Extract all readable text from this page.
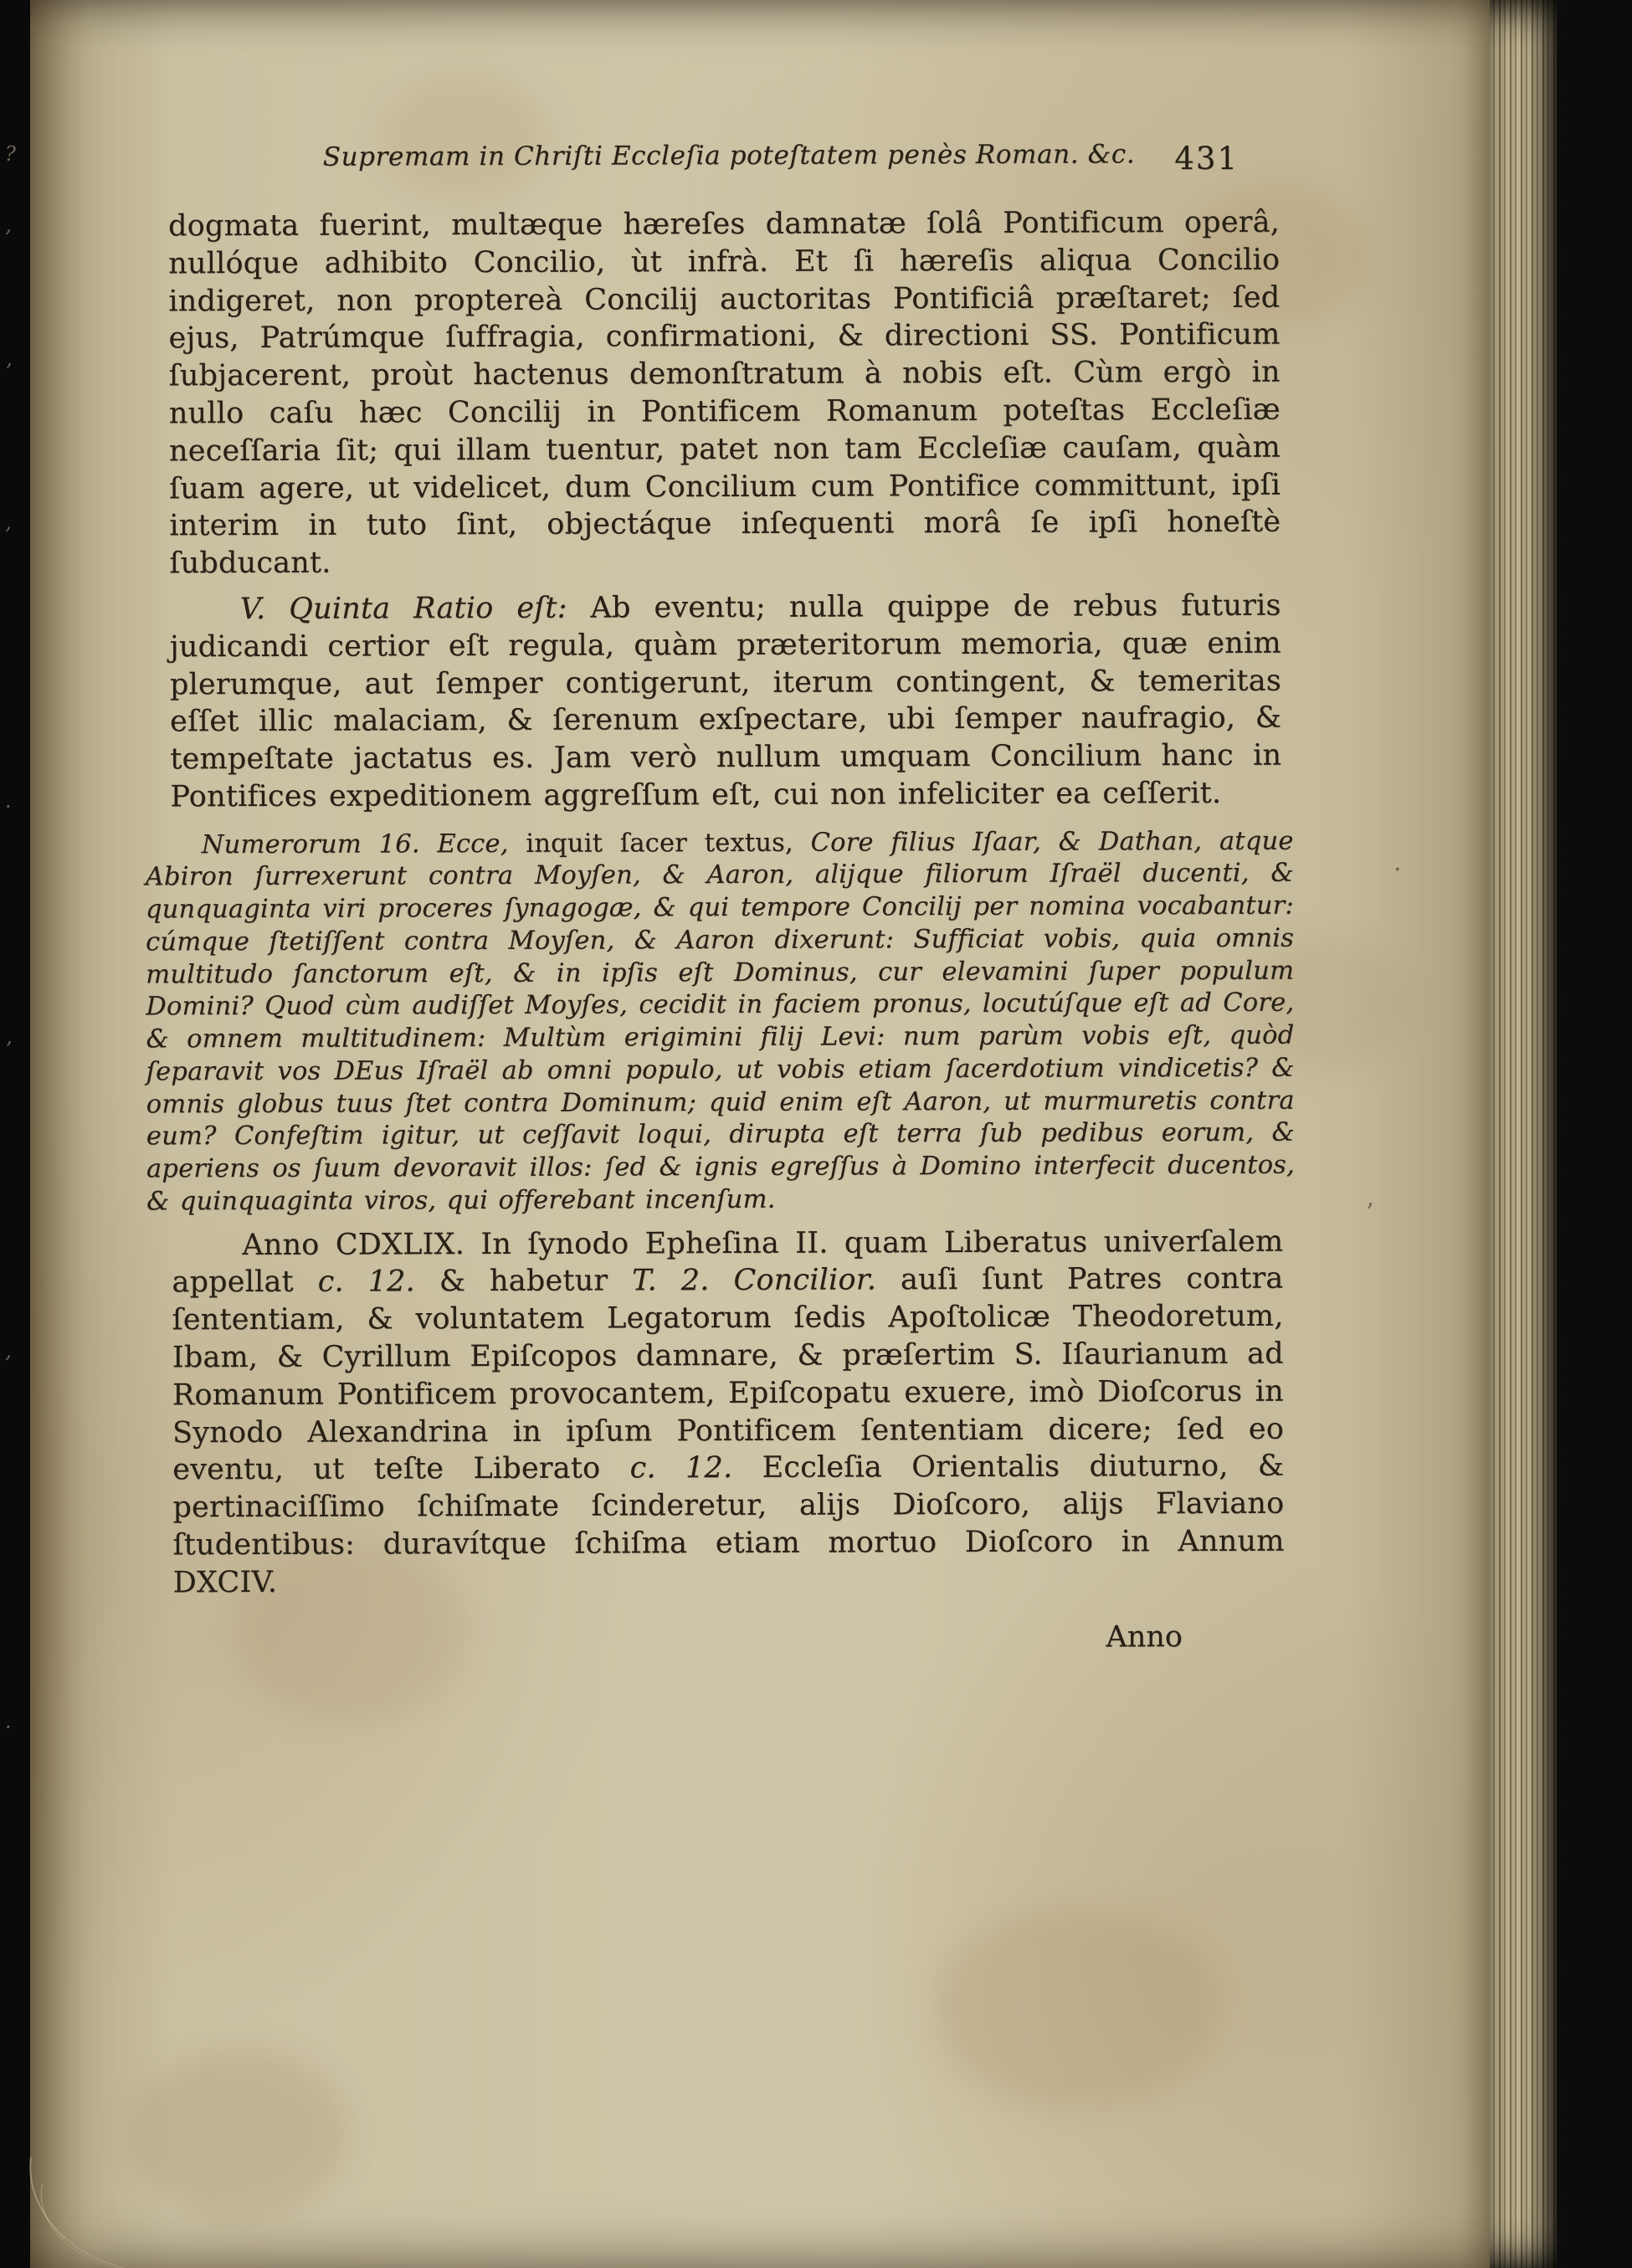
?
‚
ʼ
‚
·
ʼ
‚
·
Supremam in Chriſti Eccleſia poteſtatem penès Roman. &c. 431

dogmata fuerint, multæque hæreſes damnatæ ſolâ Pontificum operâ, nullóque adhibito Concilio, ùt infrà. Et ſi hæreſis aliqua Concilio indigeret, non proptereà Concilij auctoritas Pontificiâ præſtaret; ſed ejus, Patrúmque ſuffragia, confirmationi, & directioni SS. Pontificum ſubjacerent, proùt hactenus demonſtratum à nobis eſt. Cùm ergò in nullo caſu hæc Concilij in Pontificem Romanum poteſtas Eccleſiæ neceſſaria ſit; qui illam tuentur, patet non tam Eccleſiæ cauſam, quàm ſuam agere, ut videlicet, dum Concilium cum Pontifice committunt, ipſi interim in tuto ſint, objectáque inſequenti morâ ſe ipſi honeſtè ſubducant.

V. Quinta Ratio eſt: Ab eventu; nulla quippe de rebus futuris judicandi certior eſt regula, quàm præteritorum memoria, quæ enim plerumque, aut ſemper contigerunt, iterum contingent, & temeritas eſſet illic malaciam, & ſerenum exſpectare, ubi ſemper naufragio, & tempeſtate jactatus es. Jam verò nullum umquam Concilium hanc in Pontifices expeditionem aggreſſum eſt, cui non infeliciter ea ceſſerit.

Numerorum 16. Ecce, inquit ſacer textus, Core filius Iſaar, & Dathan, atque Abiron ſurrexerunt contra Moyſen, & Aaron, alijque filiorum Iſraël ducenti, & qunquaginta viri proceres ſynagogæ, & qui tempore Concilij per nomina vocabantur: cúmque ſtetiſſent contra Moyſen, & Aaron dixerunt: Sufficiat vobis, quia omnis multitudo ſanctorum eſt, & in ipſis eſt Dominus, cur elevamini ſuper populum Domini? Quod cùm audiſſet Moyſes, cecidit in faciem pronus, locutúſque eſt ad Core, & omnem multitudinem: Multùm erigimini filij Levi: num parùm vobis eſt, quòd ſeparavit vos DEus Iſraël ab omni populo, ut vobis etiam ſacerdotium vindicetis? & omnis globus tuus ſtet contra Dominum; quid enim eſt Aaron, ut murmuretis contra eum? Confeſtim igitur, ut ceſſavit loqui, dirupta eſt terra ſub pedibus eorum, & aperiens os ſuum devoravit illos: ſed & ignis egreſſus à Domino interfecit ducentos, & quinquaginta viros, qui offerebant incenſum.

Anno CDXLIX. In ſynodo Epheſina II. quam Liberatus univerſalem appellat c. 12. & habetur T. 2. Concilior. auſi ſunt Patres contra ſententiam, & voluntatem Legatorum ſedis Apoſtolicæ Theodoretum, Ibam, & Cyrillum Epiſcopos damnare, & præſertim S. Iſaurianum ad Romanum Pontificem provocantem, Epiſcopatu exuere, imò Dioſcorus in Synodo Alexandrina in ipſum Pontificem ſententiam dicere; ſed eo eventu, ut teſte Liberato c. 12. Eccleſia Orientalis diuturno, & pertinaciſſimo ſchiſmate ſcinderetur, alijs Dioſcoro, alijs Flaviano ſtudentibus: duravítque ſchiſma etiam mortuo Dioſcoro in Annum DXCIV.

Anno
·
’
